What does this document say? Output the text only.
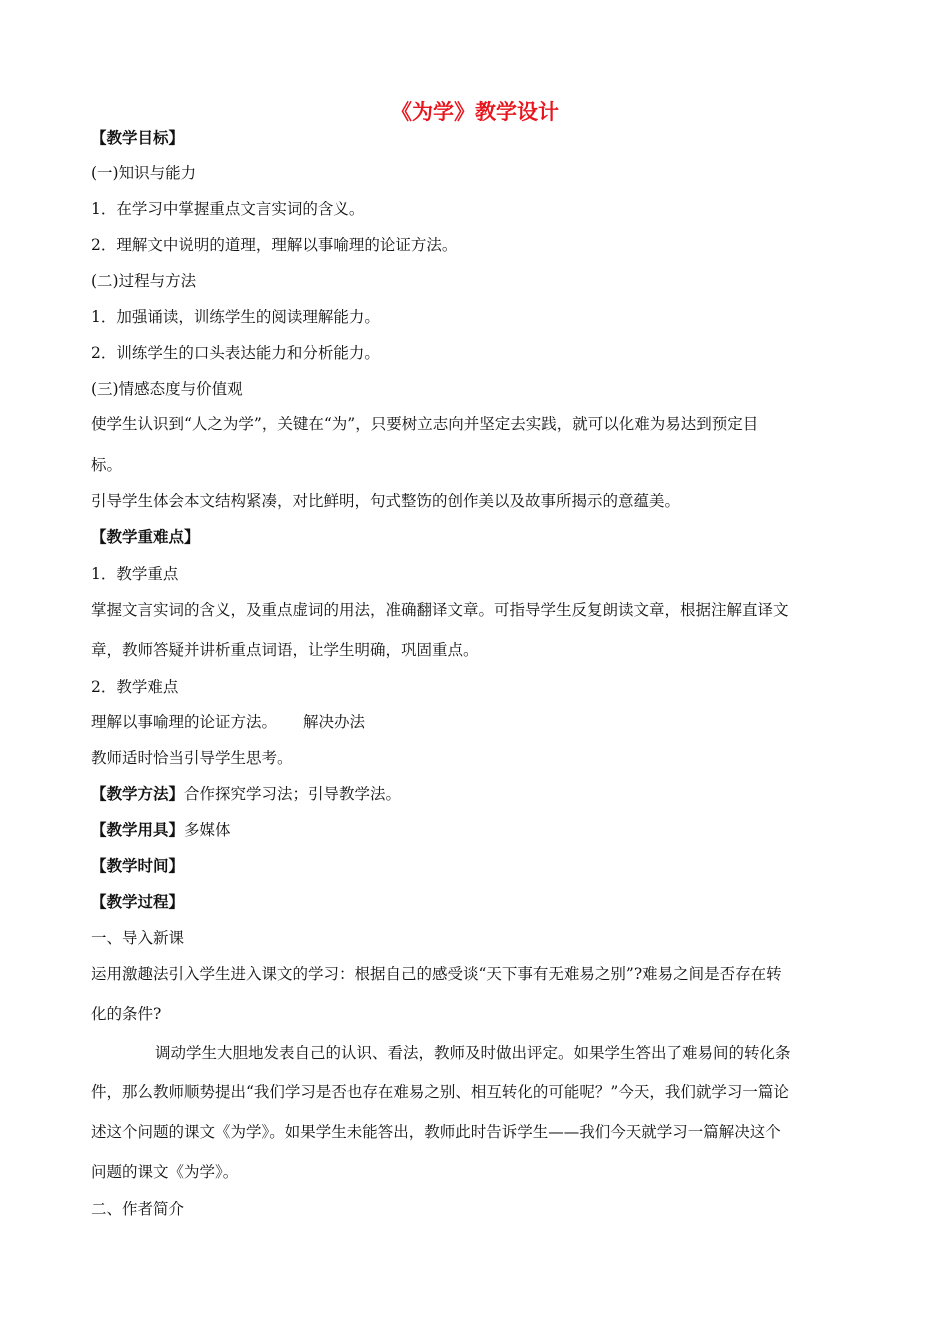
《为学》教学设计

【教学目标】

(一)知识与能力

1．在学习中掌握重点文言实词的含义。

2．理解文中说明的道理，理解以事喻理的论证方法。

(二)过程与方法

1．加强诵读，训练学生的阅读理解能力。

2．训练学生的口头表达能力和分析能力。

(三)情感态度与价值观

使学生认识到“人之为学”，关键在“为”，只要树立志向并坚定去实践，就可以化难为易达到预定目

标。

引导学生体会本文结构紧凑，对比鲜明，句式整饬的创作美以及故事所揭示的意蕴美。

【教学重难点】

1．教学重点

掌握文言实词的含义，及重点虚词的用法，准确翻译文章。可指导学生反复朗读文章，根据注解直译文

章，教师答疑并讲析重点词语，让学生明确，巩固重点。

2．教学难点

理解以事喻理的论证方法。 解决办法

教师适时恰当引导学生思考。

【教学方法】合作探究学习法；引导教学法。

【教学用具】多媒体

【教学时间】

【教学过程】

一、导入新课

运用激趣法引入学生进入课文的学习：根据自己的感受谈“天下事有无难易之别”?难易之间是否存在转

化的条件?

调动学生大胆地发表自己的认识、看法，教师及时做出评定。如果学生答出了难易间的转化条

件，那么教师顺势提出“我们学习是否也存在难易之别、相互转化的可能呢？”今天，我们就学习一篇论

述这个问题的课文《为学》。如果学生未能答出，教师此时告诉学生——我们今天就学习一篇解决这个

问题的课文《为学》。

二、作者简介
